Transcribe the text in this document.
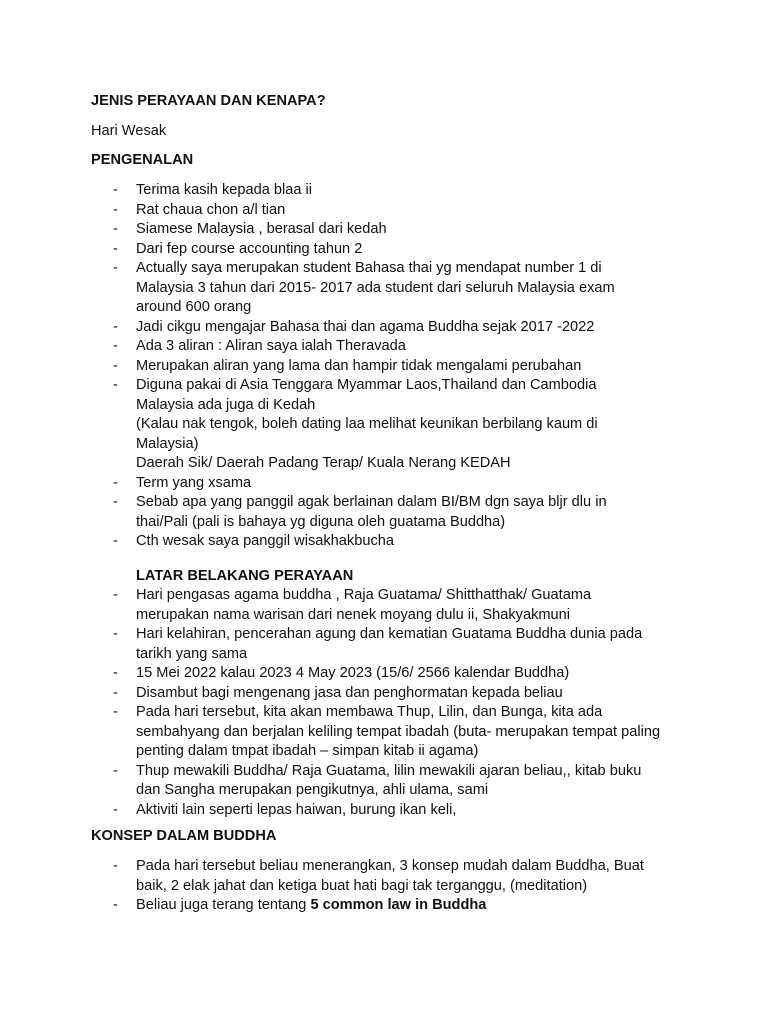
JENIS PERAYAAN DAN KENAPA?
Hari Wesak
PENGENALAN
- Terima kasih kepada blaa ii
- Rat chaua chon a/l tian
- Siamese Malaysia , berasal dari kedah
- Dari fep course accounting tahun 2
- Actually saya merupakan student Bahasa thai yg mendapat number 1 di
Malaysia 3 tahun dari 2015- 2017 ada student dari seluruh Malaysia exam
around 600 orang
- Jadi cikgu mengajar Bahasa thai dan agama Buddha sejak 2017 -2022
- Ada 3 aliran : Aliran saya ialah Theravada
- Merupakan aliran yang lama dan hampir tidak mengalami perubahan
- Diguna pakai di Asia Tenggara Myammar Laos,Thailand dan Cambodia
Malaysia ada juga di Kedah
(Kalau nak tengok, boleh dating laa melihat keunikan berbilang kaum di
Malaysia)
Daerah Sik/ Daerah Padang Terap/ Kuala Nerang KEDAH
- Term yang xsama
- Sebab apa yang panggil agak berlainan dalam BI/BM dgn saya bljr dlu in
thai/Pali (pali is bahaya yg diguna oleh guatama Buddha)
- Cth wesak saya panggil wisakhakbucha
LATAR BELAKANG PERAYAAN
- Hari pengasas agama buddha , Raja Guatama/ Shitthatthak/ Guatama
merupakan nama warisan dari nenek moyang dulu ii, Shakyakmuni
- Hari kelahiran, pencerahan agung dan kematian Guatama Buddha dunia pada
tarikh yang sama
- 15 Mei 2022 kalau 2023 4 May 2023 (15/6/ 2566 kalendar Buddha)
- Disambut bagi mengenang jasa dan penghormatan kepada beliau
- Pada hari tersebut, kita akan membawa Thup, Lilin, dan Bunga, kita ada
sembahyang dan berjalan keliling tempat ibadah (buta- merupakan tempat paling
penting dalam tmpat ibadah – simpan kitab ii agama)
- Thup mewakili Buddha/ Raja Guatama, lilin mewakili ajaran beliau,, kitab buku
dan Sangha merupakan pengikutnya, ahli ulama, sami
- Aktiviti lain seperti lepas haiwan, burung ikan keli,
KONSEP DALAM BUDDHA
- Pada hari tersebut beliau menerangkan, 3 konsep mudah dalam Buddha, Buat
baik, 2 elak jahat dan ketiga buat hati bagi tak terganggu, (meditation)
- Beliau juga terang tentang 5 common law in Buddha
